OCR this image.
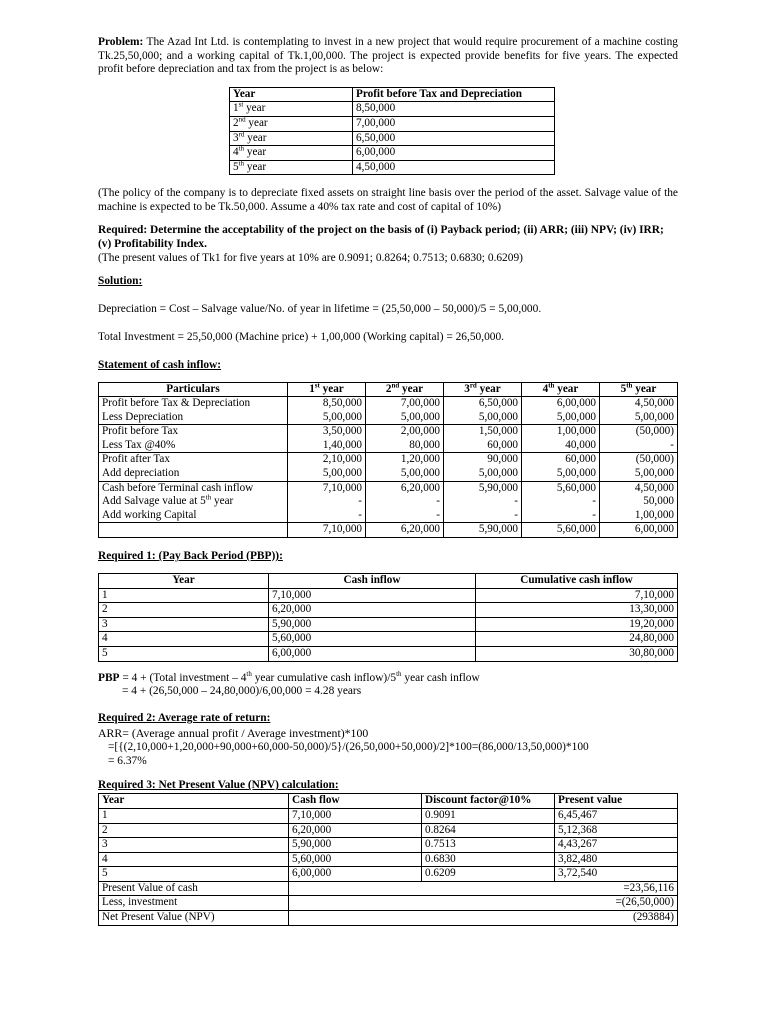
Problem: The Azad Int Ltd. is contemplating to invest in a new project that would require procurement of a machine costing Tk.25,50,000; and a working capital of Tk.1,00,000. The project is expected provide benefits for five years. The expected profit before depreciation and tax from the project is as below:

Year	Profit before Tax and Depreciation
1st year	8,50,000
2nd year	7,00,000
3rd year	6,50,000
4th year	6,00,000
5th year	4,50,000

(The policy of the company is to depreciate fixed assets on straight line basis over the period of the asset. Salvage value of the machine is expected to be Tk.50,000. Assume a 40% tax rate and cost of capital of 10%)

Required: Determine the acceptability of the project on the basis of (i) Payback period; (ii) ARR; (iii) NPV; (iv) IRR; (v) Profitability Index.

(The present values of Tk1 for five years at 10% are 0.9091; 0.8264; 0.7513; 0.6830; 0.6209)

Solution:

Depreciation = Cost – Salvage value/No. of year in lifetime = (25,50,000 – 50,000)/5 = 5,00,000.

Total Investment = 25,50,000 (Machine price) + 1,00,000 (Working capital) = 26,50,000.

Statement of cash inflow:

Particulars	1st year	2nd year	3rd year	4th year	5th year
Profit before Tax & Depreciation	8,50,000	7,00,000	6,50,000	6,00,000	4,50,000
Less Depreciation	5,00,000	5,00,000	5,00,000	5,00,000	5,00,000
Profit before Tax	3,50,000	2,00,000	1,50,000	1,00,000	(50,000)
Less Tax @40%	1,40,000	80,000	60,000	40,000	-
Profit after Tax	2,10,000	1,20,000	90,000	60,000	(50,000)
Add depreciation	5,00,000	5,00,000	5,00,000	5,00,000	5,00,000
Cash before Terminal cash inflow	7,10,000	6,20,000	5,90,000	5,60,000	4,50,000
Add Salvage value at 5th year	-	-	-	-	50,000
Add working Capital	-	-	-	-	1,00,000
	7,10,000	6,20,000	5,90,000	5,60,000	6,00,000

Required 1: (Pay Back Period (PBP)):

Year	Cash inflow	Cumulative cash inflow
1	7,10,000	7,10,000
2	6,20,000	13,30,000
3	5,90,000	19,20,000
4	5,60,000	24,80,000
5	6,00,000	30,80,000

PBP = 4 + (Total investment – 4th year cumulative cash inflow)/5th year cash inflow

= 4 + (26,50,000 – 24,80,000)/6,00,000 = 4.28 years

Required 2: Average rate of return:

ARR= (Average annual profit / Average investment)*100

=[{(2,10,000+1,20,000+90,000+60,000-50,000)/5}/(26,50,000+50,000)/2]*100=(86,000/13,50,000)*100

= 6.37%

Required 3: Net Present Value (NPV) calculation:

Year	Cash flow	Discount factor@10%	Present value
1	7,10,000	0.9091	6,45,467
2	6,20,000	0.8264	5,12,368
3	5,90,000	0.7513	4,43,267
4	5,60,000	0.6830	3,82,480
5	6,00,000	0.6209	3,72,540
Present Value of cash	=23,56,116		
Less, investment	=(26,50,000)		
Net Present Value (NPV)	(293884)		
